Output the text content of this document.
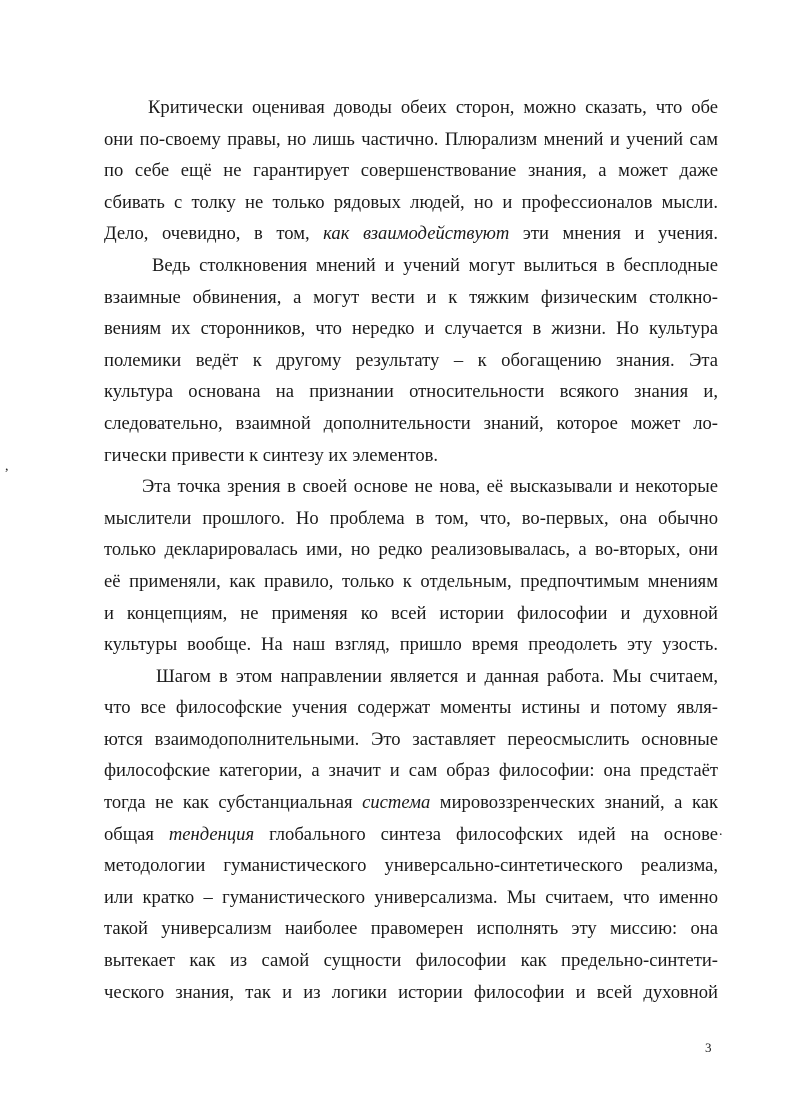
Критически оценивая доводы обеих сторон, можно сказать, что обе
они по-своему правы, но лишь частично. Плюрализм мнений и учений сам
по себе ещё не гарантирует совершенствование знания, а может даже
сбивать с толку не только рядовых людей, но и профессионалов мысли.
Дело, очевидно, в том, как взаимодействуют эти мнения и учения.
Ведь столкновения мнений и учений могут вылиться в бесплодные
взаимные обвинения, а могут вести и к тяжким физическим столкно-
вениям их сторонников, что нередко и случается в жизни. Но культура
полемики ведёт к другому результату – к обогащению знания. Эта
культура основана на признании относительности всякого знания и,
следовательно, взаимной дополнительности знаний, которое может ло-
гически привести к синтезу их элементов.
Эта точка зрения в своей основе не нова, её высказывали и некоторые
мыслители прошлого. Но проблема в том, что, во-первых, она обычно
только декларировалась ими, но редко реализовывалась, а во-вторых, они
её применяли, как правило, только к отдельным, предпочтимым мнениям
и концепциям, не применяя ко всей истории философии и духовной
культуры вообще. На наш взгляд, пришло время преодолеть эту узость.
Шагом в этом направлении является и данная работа. Мы считаем,
что все философские учения содержат моменты истины и потому явля-
ются взаимодополнительными. Это заставляет переосмыслить основные
философские категории, а значит и сам образ философии: она предстаёт
тогда не как субстанциальная система мировоззренческих знаний, а как
общая тенденция глобального синтеза философских идей на основе
методологии гуманистического универсально-синтетического реализма,
или кратко – гуманистического универсализма. Мы считаем, что именно
такой универсализм наиболее правомерен исполнять эту миссию: она
вытекает как из самой сущности философии как предельно-синтети-
ческого знания, так и из логики истории философии и всей духовной
,
.
3
